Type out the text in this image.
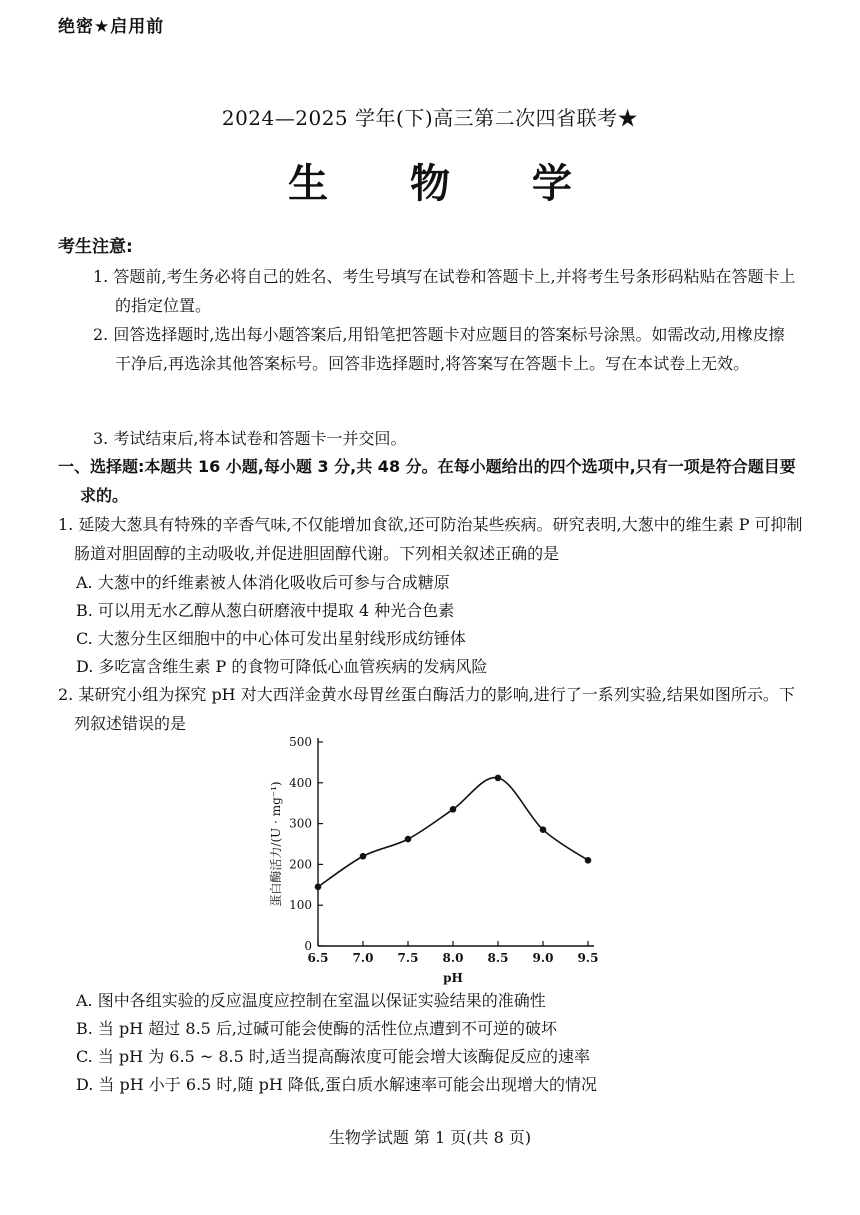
绝密★启用前
2024—2025 学年(下)高三第二次四省联考★
生 物 学
考生注意:

1. 答题前,考生务必将自己的姓名、考生号填写在试卷和答题卡上,并将考生号条形码粘贴在答题卡上的指定位置。

2. 回答选择题时,选出每小题答案后,用铅笔把答题卡对应题目的答案标号涂黑。如需改动,用橡皮擦干净后,再选涂其他答案标号。回答非选择题时,将答案写在答题卡上。写在本试卷上无效。

3. 考试结束后,将本试卷和答题卡一并交回。

一、选择题:本题共 16 小题,每小题 3 分,共 48 分。在每小题给出的四个选项中,只有一项是符合题目要求的。

1. 延陵大葱具有特殊的辛香气味,不仅能增加食欲,还可防治某些疾病。研究表明,大葱中的维生素 P 可抑制肠道对胆固醇的主动吸收,并促进胆固醇代谢。下列相关叙述正确的是

A. 大葱中的纤维素被人体消化吸收后可参与合成糖原

B. 可以用无水乙醇从葱白研磨液中提取 4 种光合色素

C. 大葱分生区细胞中的中心体可发出星射线形成纺锤体

D. 多吃富含维生素 P 的食物可降低心血管疾病的发病风险

2. 某研究小组为探究 pH 对大西洋金黄水母胃丝蛋白酶活力的影响,进行了一系列实验,结果如图所示。下列叙述错误的是

0
100
200
300
400
500
6.5 7.0 7.5 8.0 8.5 9.0 9.5
pH
蛋白酶活力/(U · mg⁻¹)

A. 图中各组实验的反应温度应控制在室温以保证实验结果的准确性

B. 当 pH 超过 8.5 后,过碱可能会使酶的活性位点遭到不可逆的破坏

C. 当 pH 为 6.5 ~ 8.5 时,适当提高酶浓度可能会增大该酶促反应的速率

D. 当 pH 小于 6.5 时,随 pH 降低,蛋白质水解速率可能会出现增大的情况

生物学试题 第 1 页(共 8 页)
